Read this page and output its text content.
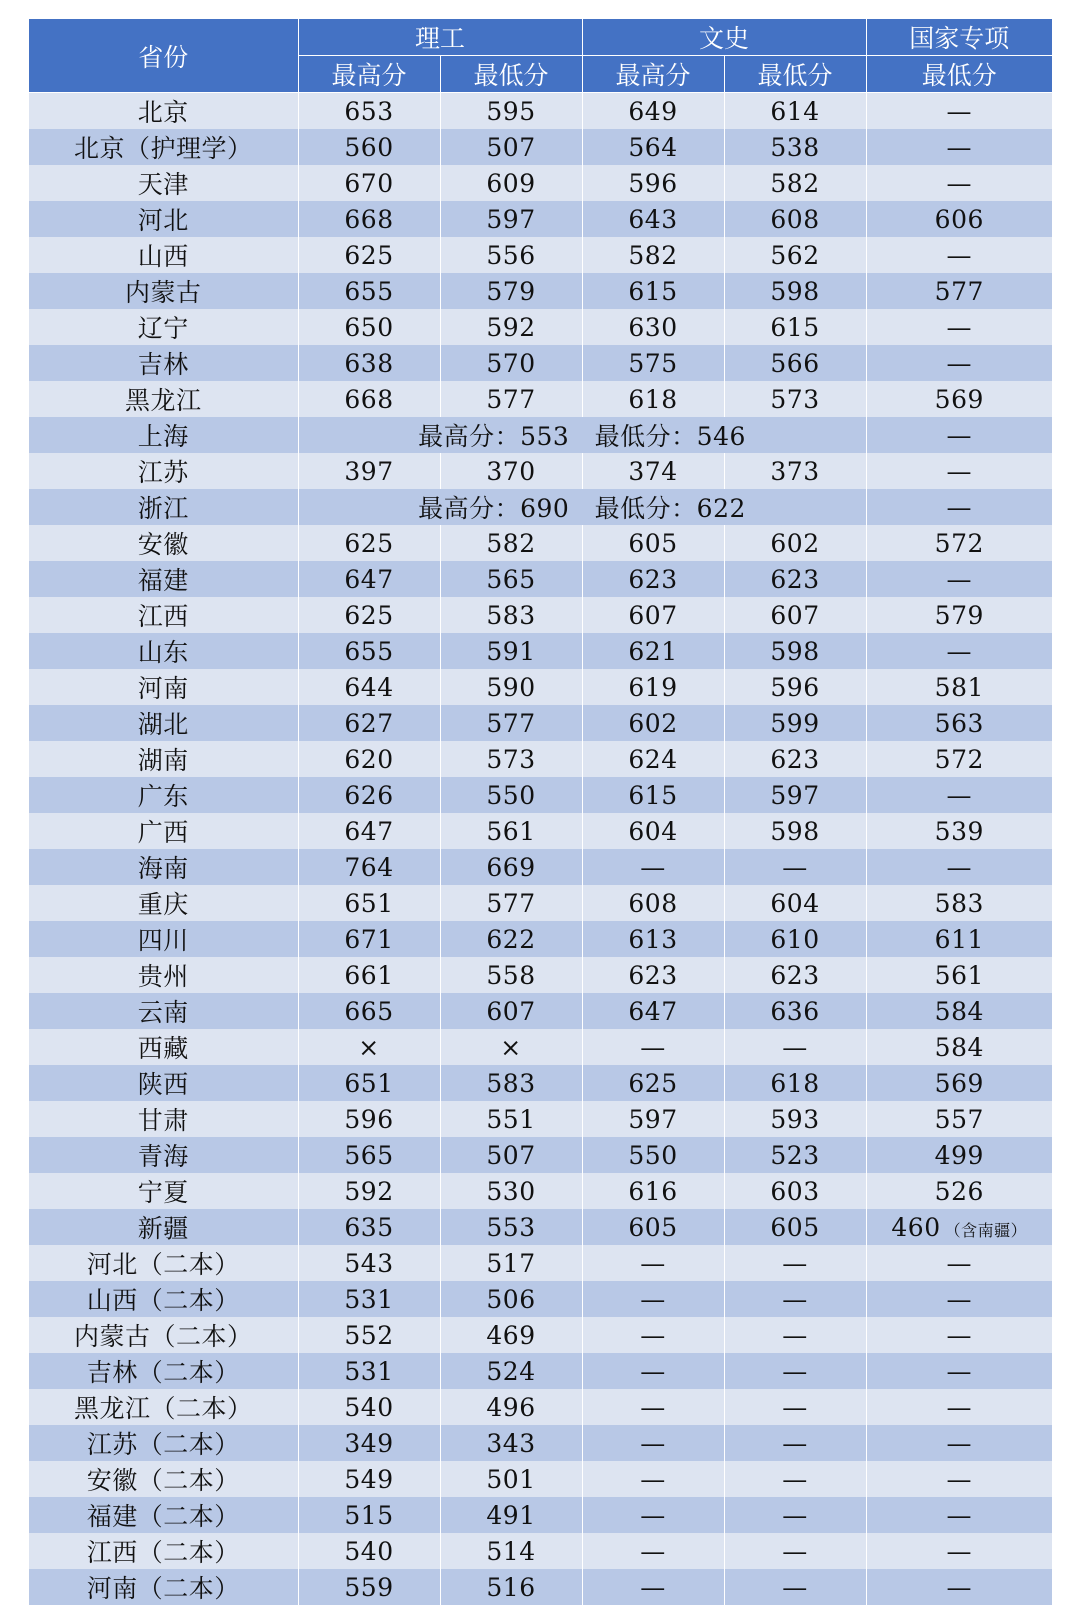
省份	理工		文史		国家专项
	最高分	最低分	最高分	最低分	最低分
北京	653	595	649	614	—
北京（护理学）	560	507	564	538	—
天津	670	609	596	582	—
河北	668	597	643	608	606
山西	625	556	582	562	—
内蒙古	655	579	615	598	577
辽宁	650	592	630	615	—
吉林	638	570	575	566	—
黑龙江	668	577	618	573	569
上海	最高分：553   最低分：546				—
江苏	397	370	374	373	—
浙江	最高分：690   最低分：622				—
安徽	625	582	605	602	572
福建	647	565	623	623	—
江西	625	583	607	607	579
山东	655	591	621	598	—
河南	644	590	619	596	581
湖北	627	577	602	599	563
湖南	620	573	624	623	572
广东	626	550	615	597	—
广西	647	561	604	598	539
海南	764	669	—	—	—
重庆	651	577	608	604	583
四川	671	622	613	610	611
贵州	661	558	623	623	561
云南	665	607	647	636	584
西藏	×	×	—	—	584
陕西	651	583	625	618	569
甘肃	596	551	597	593	557
青海	565	507	550	523	499
宁夏	592	530	616	603	526
新疆	635	553	605	605	460 （含南疆）
河北（二本）	543	517	—	—	—
山西（二本）	531	506	—	—	—
内蒙古（二本）	552	469	—	—	—
吉林（二本）	531	524	—	—	—
黑龙江（二本）	540	496	—	—	—
江苏（二本）	349	343	—	—	—
安徽（二本）	549	501	—	—	—
福建（二本）	515	491	—	—	—
江西（二本）	540	514	—	—	—
河南（二本）	559	516	—	—	—
